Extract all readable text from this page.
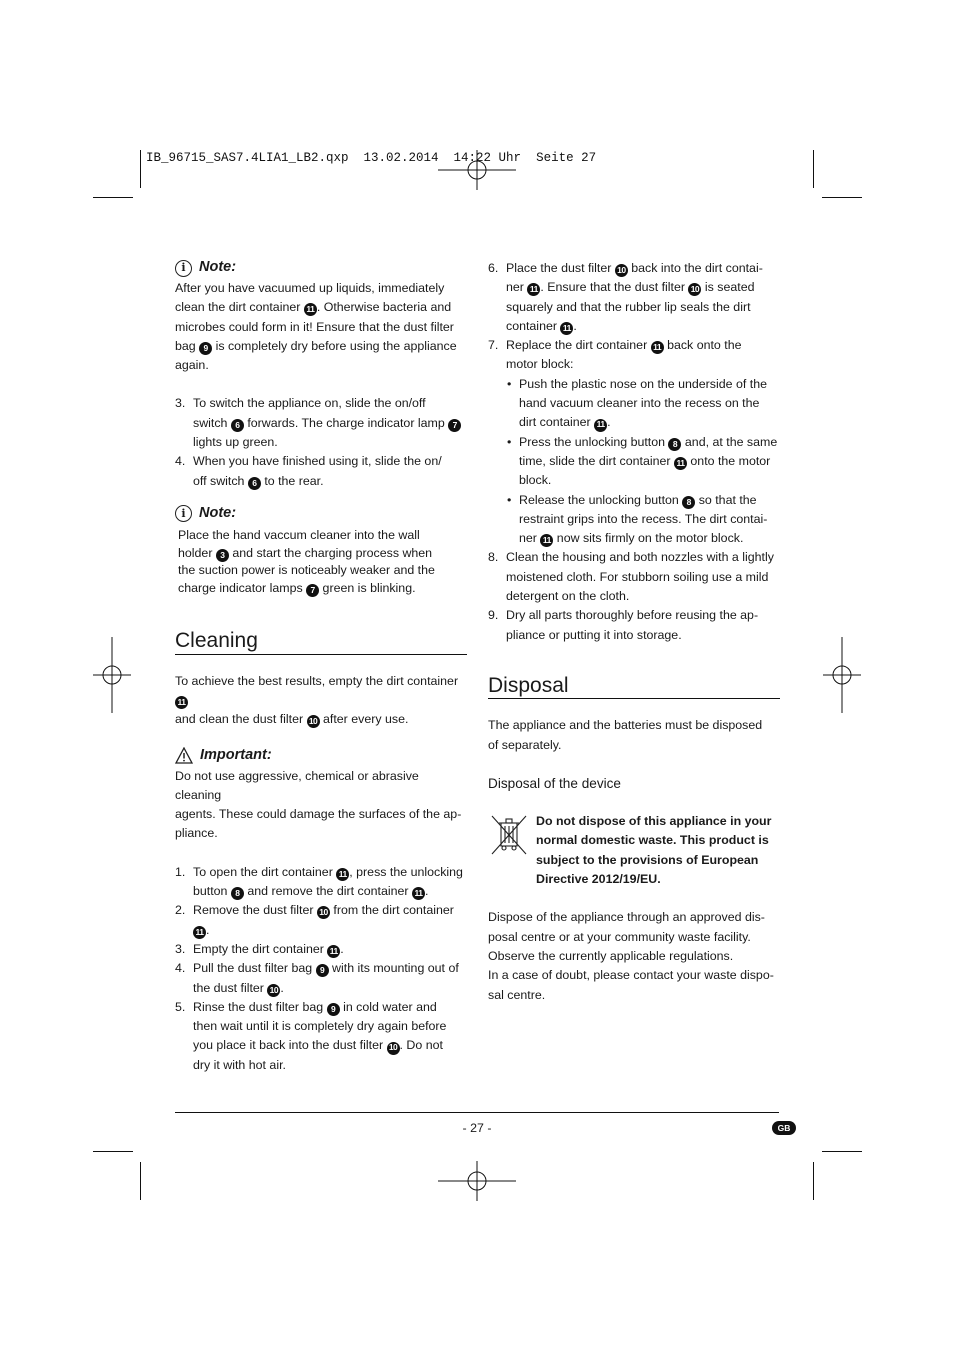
IB_96715_SAS7.4LIA1_LB2.qxp  13.02.2014  14:22 Uhr  Seite 27
i Note:
After you have vacuumed up liquids, immediately
clean the dirt container 11 . Otherwise bacteria and
microbes could form in it! Ensure that the dust filter
bag 9 is completely dry before using the appliance
again.
3. To switch the appliance on, slide the on/off
switch 6 forwards. The charge indicator lamp 7
lights up green.
4. When you have finished using it, slide the on/
off switch 6 to the rear.
i Note:
Place the hand vaccum cleaner into the wall
holder 3 and start the charging process when
the suction power is noticeably weaker and the
charge indicator lamps 7 green is blinking.
Cleaning
To achieve the best results, empty the dirt container 11
and clean the dust filter 10 after every use.
Important:
Do not use aggressive, chemical or abrasive cleaning
agents. These could damage the surfaces of the ap-
pliance.
1. To open the dirt container 11 , press the unlocking
button 8 and remove the dirt container 11 .
2. Remove the dust filter 10 from the dirt container 11 .
3. Empty the dirt container 11 .
4. Pull the dust filter bag 9 with its mounting out of
the dust filter 10 .
5. Rinse the dust filter bag 9 in cold water and
then wait until it is completely dry again before
you place it back into the dust filter 10 . Do not
dry it with hot air.
6. Place the dust filter 10 back into the dirt contai-
ner 11 . Ensure that the dust filter 10 is seated
squarely and that the rubber lip seals the dirt
container 11 .
7. Replace the dirt container 11 back onto the
motor block:
• Push the plastic nose on the underside of the
hand vacuum cleaner into the recess on the
dirt container 11 .
• Press the unlocking button 8 and, at the same
time, slide the dirt container 11 onto the motor
block.
• Release the unlocking button 8 so that the
restraint grips into the recess. The dirt contai-
ner 11 now sits firmly on the motor block.
8. Clean the housing and both nozzles with a lightly
moistened cloth. For stubborn soiling use a mild
detergent on the cloth.
9. Dry all parts thoroughly before reusing the ap-
pliance or putting it into storage.
Disposal
The appliance and the batteries must be disposed
of separately.
Disposal of the device
Do not dispose of this appliance in your
normal domestic waste. This product is
subject to the provisions of European
Directive 2012/19/EU.
Dispose of the appliance through an approved dis-
posal centre or at your community waste facility.
Observe the currently applicable regulations.
In a case of doubt, please contact your waste dispo-
sal centre.
- 27 -	GB
